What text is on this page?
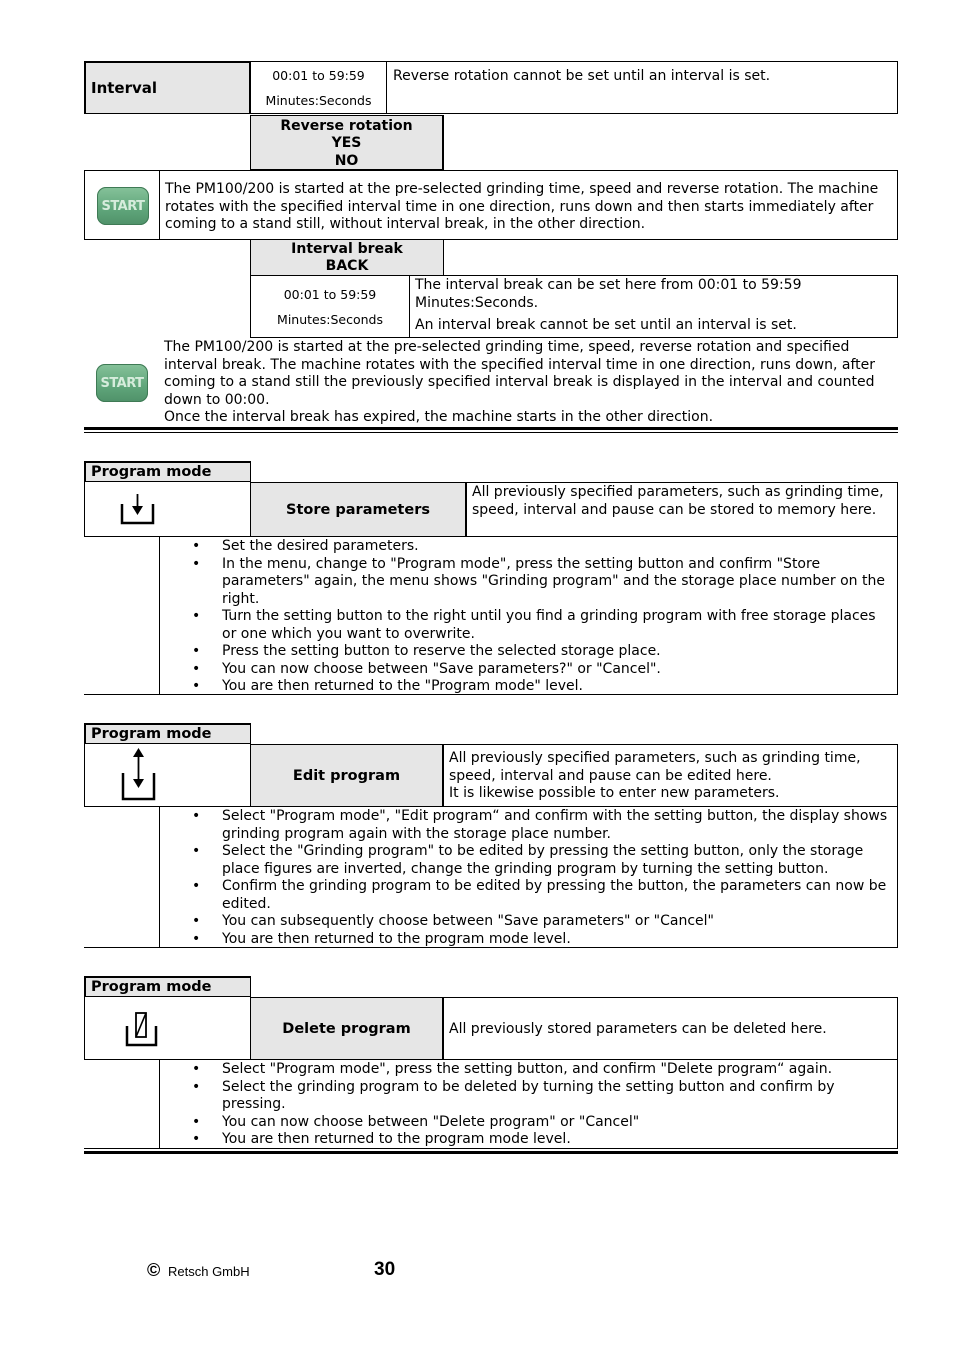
Interval
00:01 to 59:59
Minutes:Seconds
Reverse rotation cannot be set until an interval is set.
Reverse rotation
YES
NO
START
The PM100/200 is started at the pre-selected grinding time, speed and reverse rotation. The machine rotates with the specified interval time in one direction, runs down and then starts immediately after coming to a stand still, without interval break, in the other direction.
Interval break
BACK
00:01 to 59:59
Minutes:Seconds
The interval break can be set here from 00:01 to 59:59 Minutes:Seconds.
An interval break cannot be set until an interval is set.
START
The PM100/200 is started at the pre-selected grinding time, speed, reverse rotation and specified interval break. The machine rotates with the specified interval time in one direction, runs down, after coming to a stand still the previously specified interval break is displayed in the interval and counted down to 00:00.
Once the interval break has expired, the machine starts in the other direction.
Program mode
Store parameters
All previously specified parameters, such as grinding time, speed, interval and pause can be stored to memory here.
• Set the desired parameters.
• In the menu, change to "Program mode", press the setting button and confirm "Store parameters" again, the menu shows "Grinding program" and the storage place number on the right.
• Turn the setting button to the right until you find a grinding program with free storage places or one which you want to overwrite.
• Press the setting button to reserve the selected storage place.
• You can now choose between "Save parameters?" or "Cancel".
• You are then returned to the "Program mode" level.
Program mode
Edit program
All previously specified parameters, such as grinding time, speed, interval and pause can be edited here.
It is likewise possible to enter new parameters.
• Select "Program mode", "Edit program“ and confirm with the setting button, the display shows grinding program again with the storage place number.
• Select the "Grinding program" to be edited by pressing the setting button, only the storage place figures are inverted, change the grinding program by turning the setting button.
• Confirm the grinding program to be edited by pressing the button, the parameters can now be edited.
• You can subsequently choose between "Save parameters" or "Cancel"
• You are then returned to the program mode level.
Program mode
Delete program	All previously stored parameters can be deleted here.
• Select "Program mode", press the setting button, and confirm "Delete program“ again.
• Select the grinding program to be deleted by turning the setting button and confirm by pressing.
• You can now choose between "Delete program" or "Cancel"
• You are then returned to the program mode level.
© Retsch GmbH	30
